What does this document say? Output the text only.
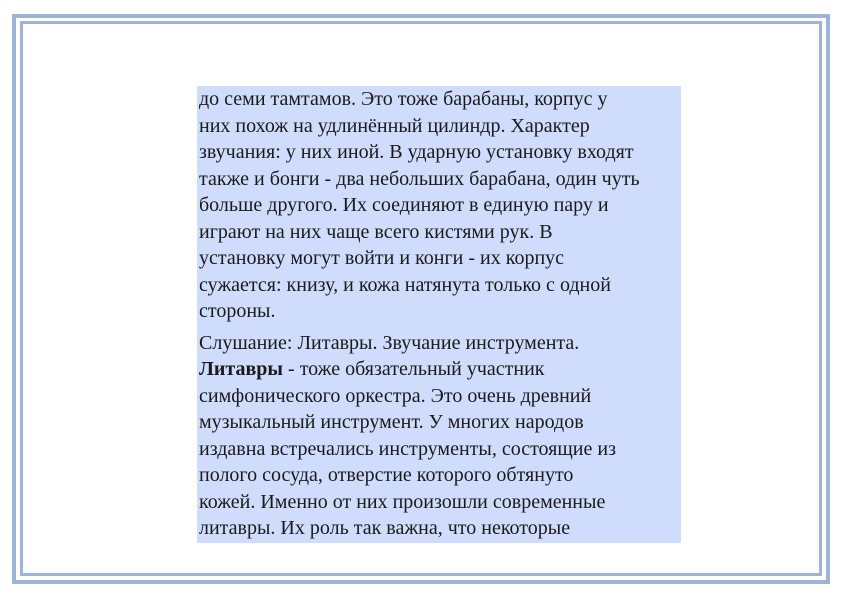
до семи тамтамов. Это тоже барабаны, корпус у
них похож на удлинённый цилиндр. Характер
звучания: у них иной. В ударную установку входят
также и бонги - два небольших барабана, один чуть
больше другого. Их соединяют в единую пару и
играют на них чаще всего кистями рук. В
установку могут войти и конги - их корпус
сужается: книзу, и кожа натянута только с одной
стороны.

Слушание: Литавры. Звучание инструмента.
Литавры - тоже обязательный участник
симфонического оркестра. Это очень древний
музыкальный инструмент. У многих народов
издавна встречались инструменты, состоящие из
полого сосуда, отверстие которого обтянуто
кожей. Именно от них произошли современные
литавры. Их роль так важна, что некоторые
